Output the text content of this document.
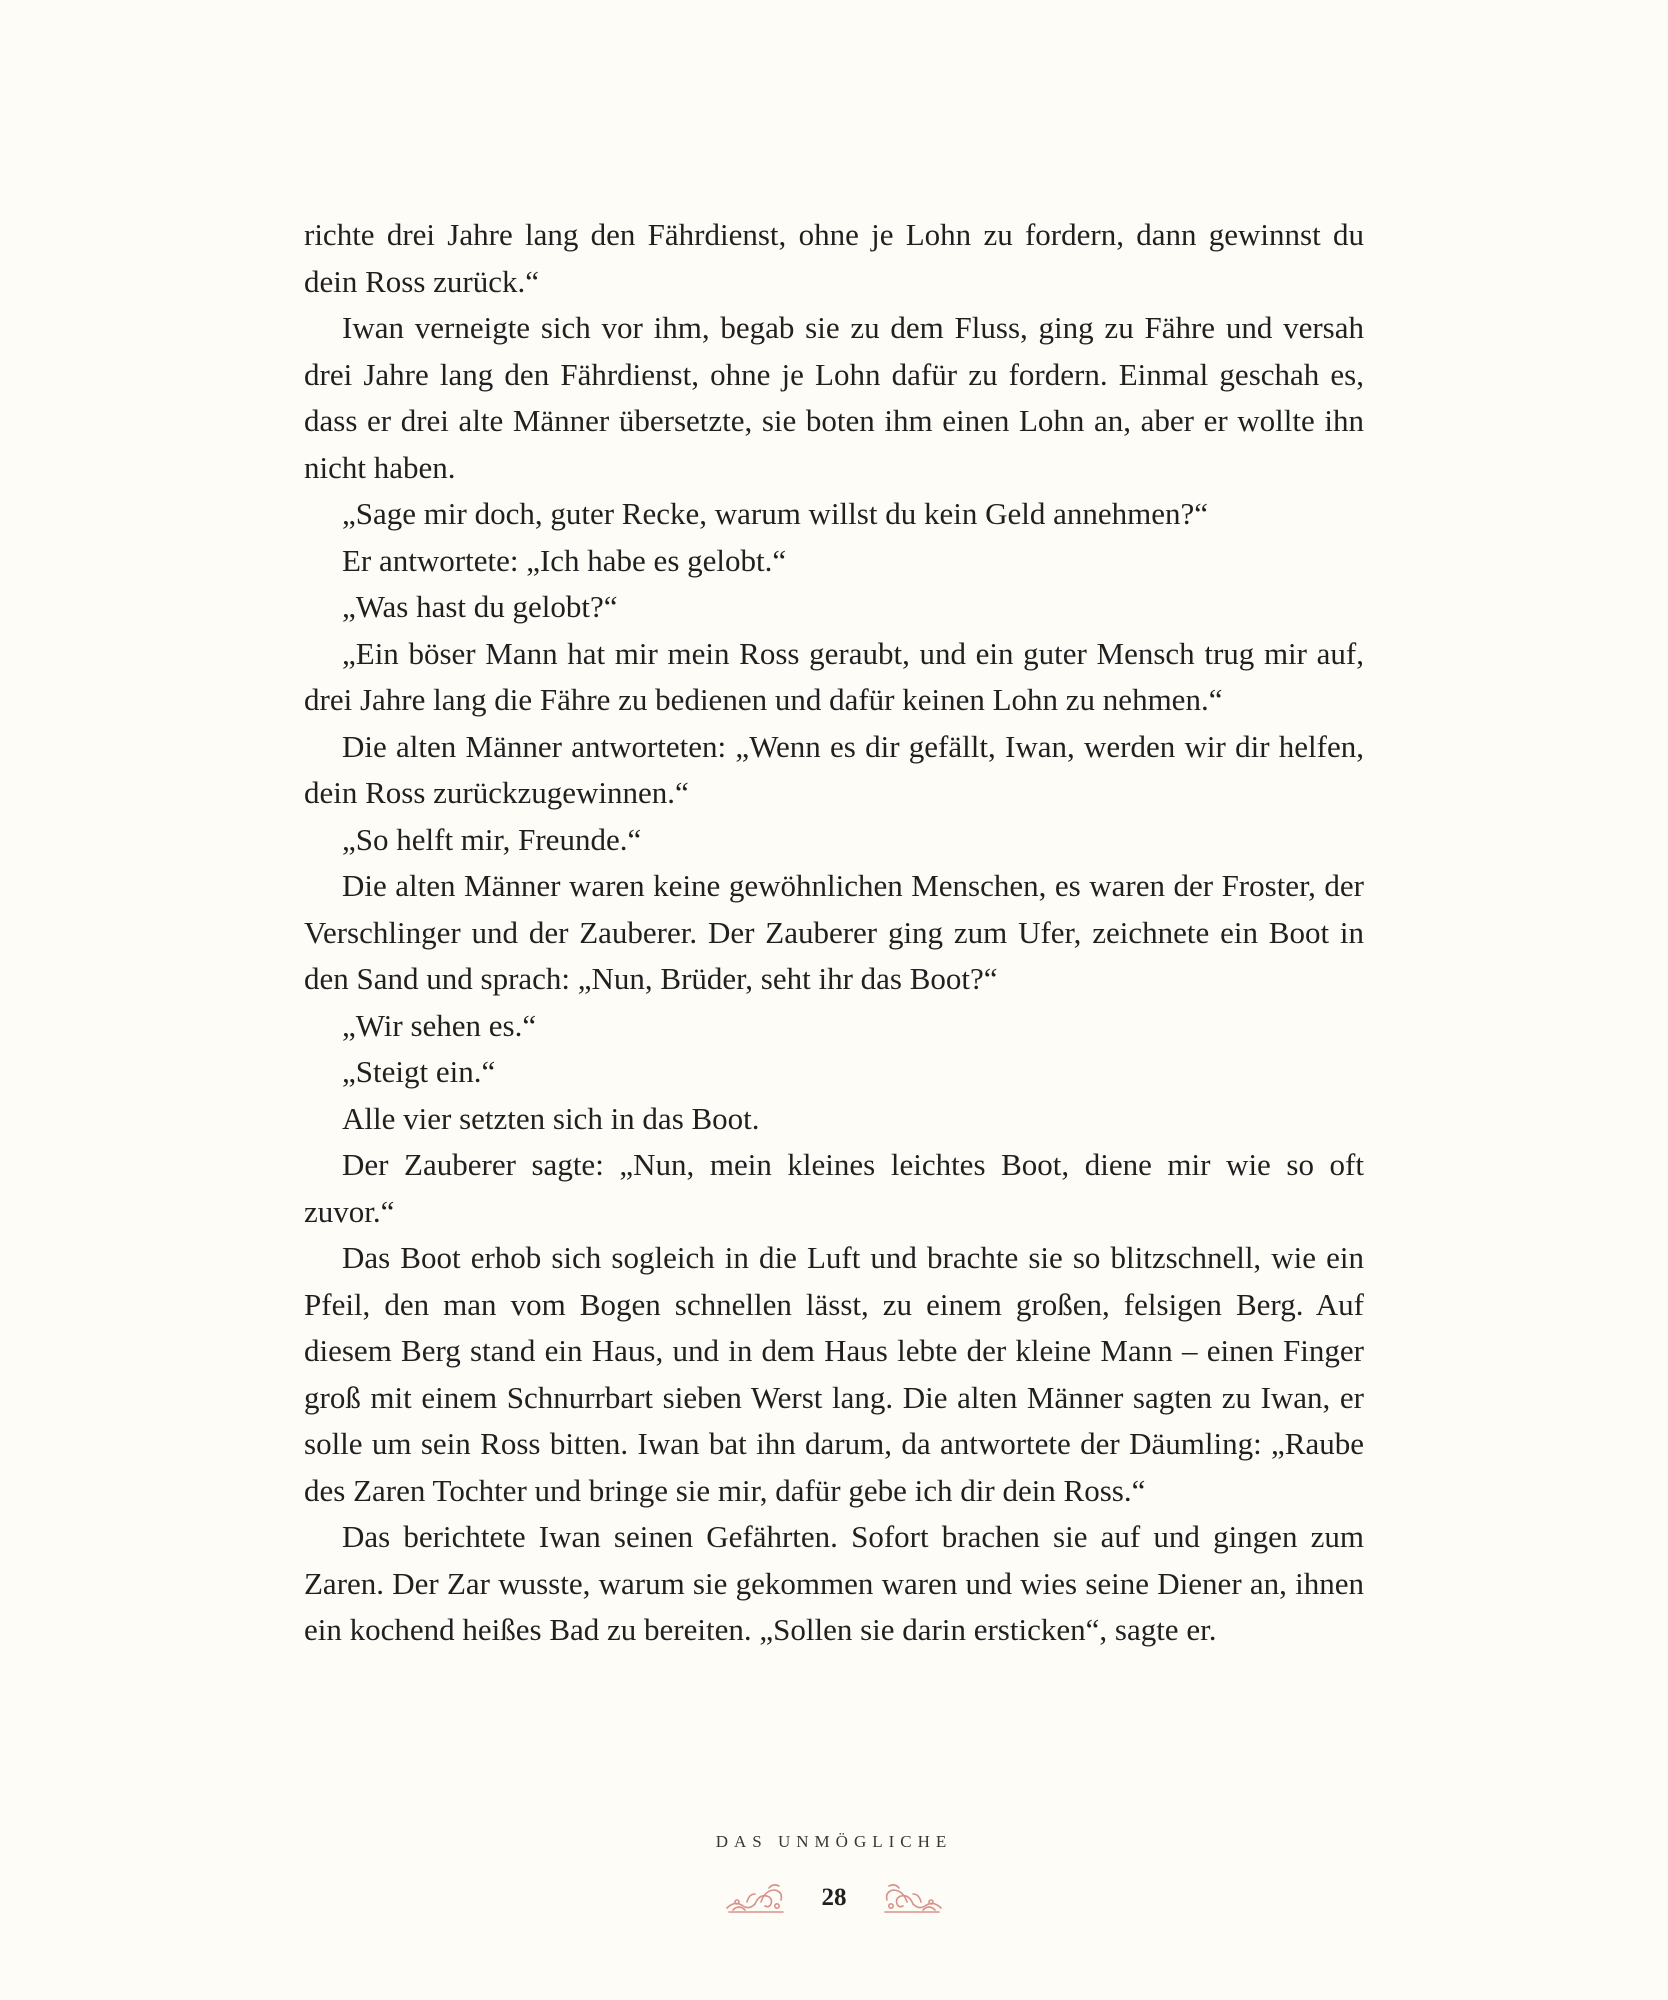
richte drei Jahre lang den Fährdienst, ohne je Lohn zu fordern, dann gewinnst du dein Ross zurück.“

Iwan verneigte sich vor ihm, begab sie zu dem Fluss, ging zu Fähre und versah drei Jahre lang den Fährdienst, ohne je Lohn dafür zu fordern. Einmal geschah es, dass er drei alte Männer übersetzte, sie boten ihm einen Lohn an, aber er wollte ihn nicht haben.

„Sage mir doch, guter Recke, warum willst du kein Geld annehmen?“

Er antwortete: „Ich habe es gelobt.“

„Was hast du gelobt?“

„Ein böser Mann hat mir mein Ross geraubt, und ein guter Mensch trug mir auf, drei Jahre lang die Fähre zu bedienen und dafür keinen Lohn zu nehmen.“

Die alten Männer antworteten: „Wenn es dir gefällt, Iwan, werden wir dir helfen, dein Ross zurückzugewinnen.“

„So helft mir, Freunde.“

Die alten Männer waren keine gewöhnlichen Menschen, es waren der Froster, der Verschlinger und der Zauberer. Der Zauberer ging zum Ufer, zeichnete ein Boot in den Sand und sprach: „Nun, Brüder, seht ihr das Boot?“

„Wir sehen es.“

„Steigt ein.“

Alle vier setzten sich in das Boot.

Der Zauberer sagte: „Nun, mein kleines leichtes Boot, diene mir wie so oft zuvor.“

Das Boot erhob sich sogleich in die Luft und brachte sie so blitzschnell, wie ein Pfeil, den man vom Bogen schnellen lässt, zu einem großen, felsigen Berg. Auf diesem Berg stand ein Haus, und in dem Haus lebte der kleine Mann – einen Finger groß mit einem Schnurrbart sieben Werst lang. Die alten Männer sagten zu Iwan, er solle um sein Ross bitten. Iwan bat ihn darum, da antwortete der Däumling: „Raube des Zaren Tochter und bringe sie mir, dafür gebe ich dir dein Ross.“

Das berichtete Iwan seinen Gefährten. Sofort brachen sie auf und gingen zum Zaren. Der Zar wusste, warum sie gekommen waren und wies seine Diener an, ihnen ein kochend heißes Bad zu bereiten. „Sollen sie darin ersticken“, sagte er.

DAS UNMÖGLICHE
28
